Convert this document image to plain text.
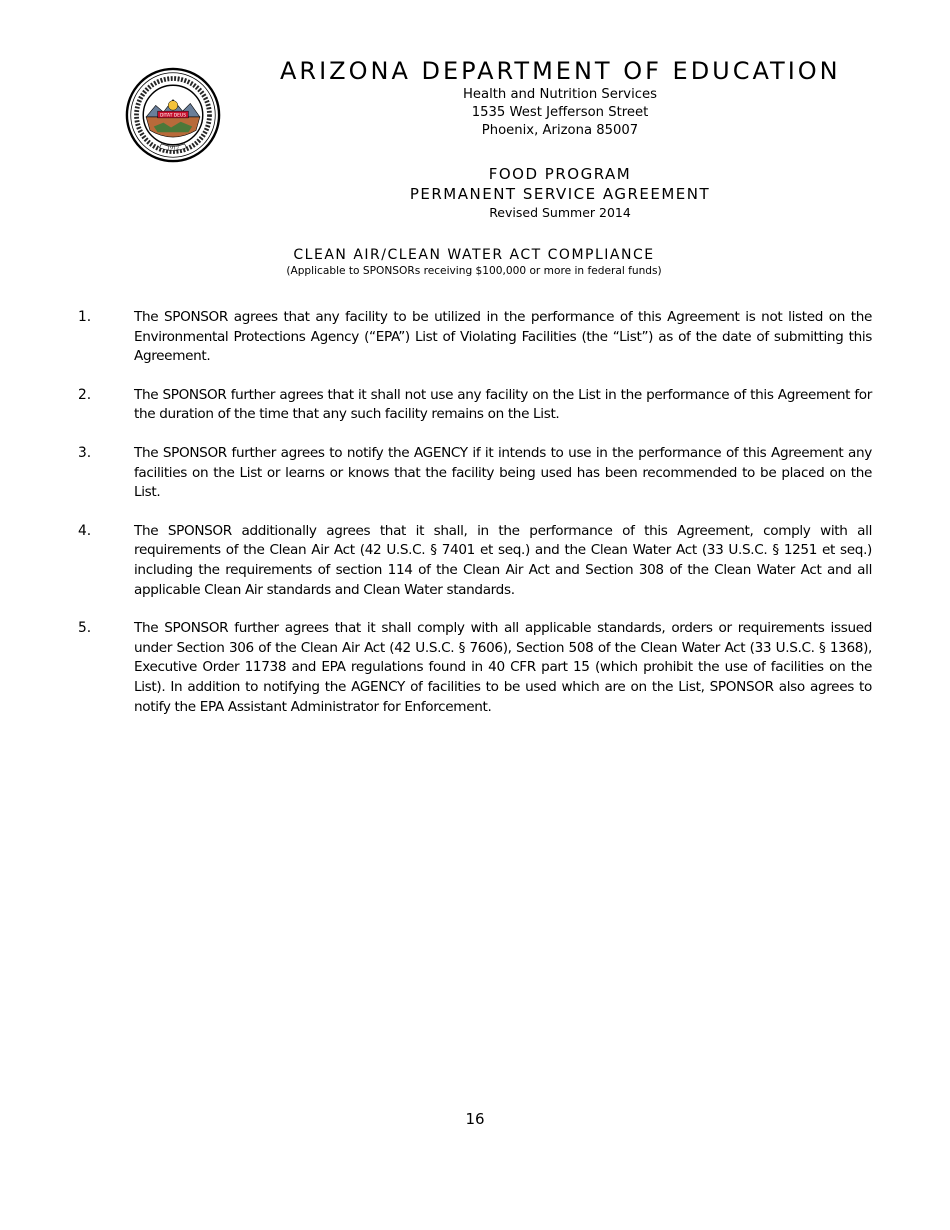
DITAT DEUS
1912
ARIZONA DEPARTMENT OF EDUCATION
Health and Nutrition Services
1535 West Jefferson Street
Phoenix, Arizona 85007
FOOD PROGRAM
PERMANENT SERVICE AGREEMENT
Revised Summer 2014
CLEAN AIR/CLEAN WATER ACT COMPLIANCE
(Applicable to SPONSORs receiving $100,000 or more in federal funds)
1.	The SPONSOR agrees that any facility to be utilized in the performance of this Agreement is not listed on the Environmental Protections Agency (“EPA”) List of Violating Facilities (the “List”) as of the date of submitting this Agreement.
2.	The SPONSOR further agrees that it shall not use any facility on the List in the performance of this Agreement for the duration of the time that any such facility remains on the List.
3.	The SPONSOR further agrees to notify the AGENCY if it intends to use in the performance of this Agreement any facilities on the List or learns or knows that the facility being used has been recommended to be placed on the List.
4.	The SPONSOR additionally agrees that it shall, in the performance of this Agreement, comply with all requirements of the Clean Air Act (42 U.S.C. § 7401 et seq.) and the Clean Water Act (33 U.S.C. § 1251 et seq.) including the requirements of section 114 of the Clean Air Act and Section 308 of the Clean Water Act and all applicable Clean Air standards and Clean Water standards.
5.	The SPONSOR further agrees that it shall comply with all applicable standards, orders or requirements issued under Section 306 of the Clean Air Act (42 U.S.C. § 7606), Section 508 of the Clean Water Act (33 U.S.C. § 1368), Executive Order 11738 and EPA regulations found in 40 CFR part 15 (which prohibit the use of facilities on the List). In addition to notifying the AGENCY of facilities to be used which are on the List, SPONSOR also agrees to notify the EPA Assistant Administrator for Enforcement.
16
